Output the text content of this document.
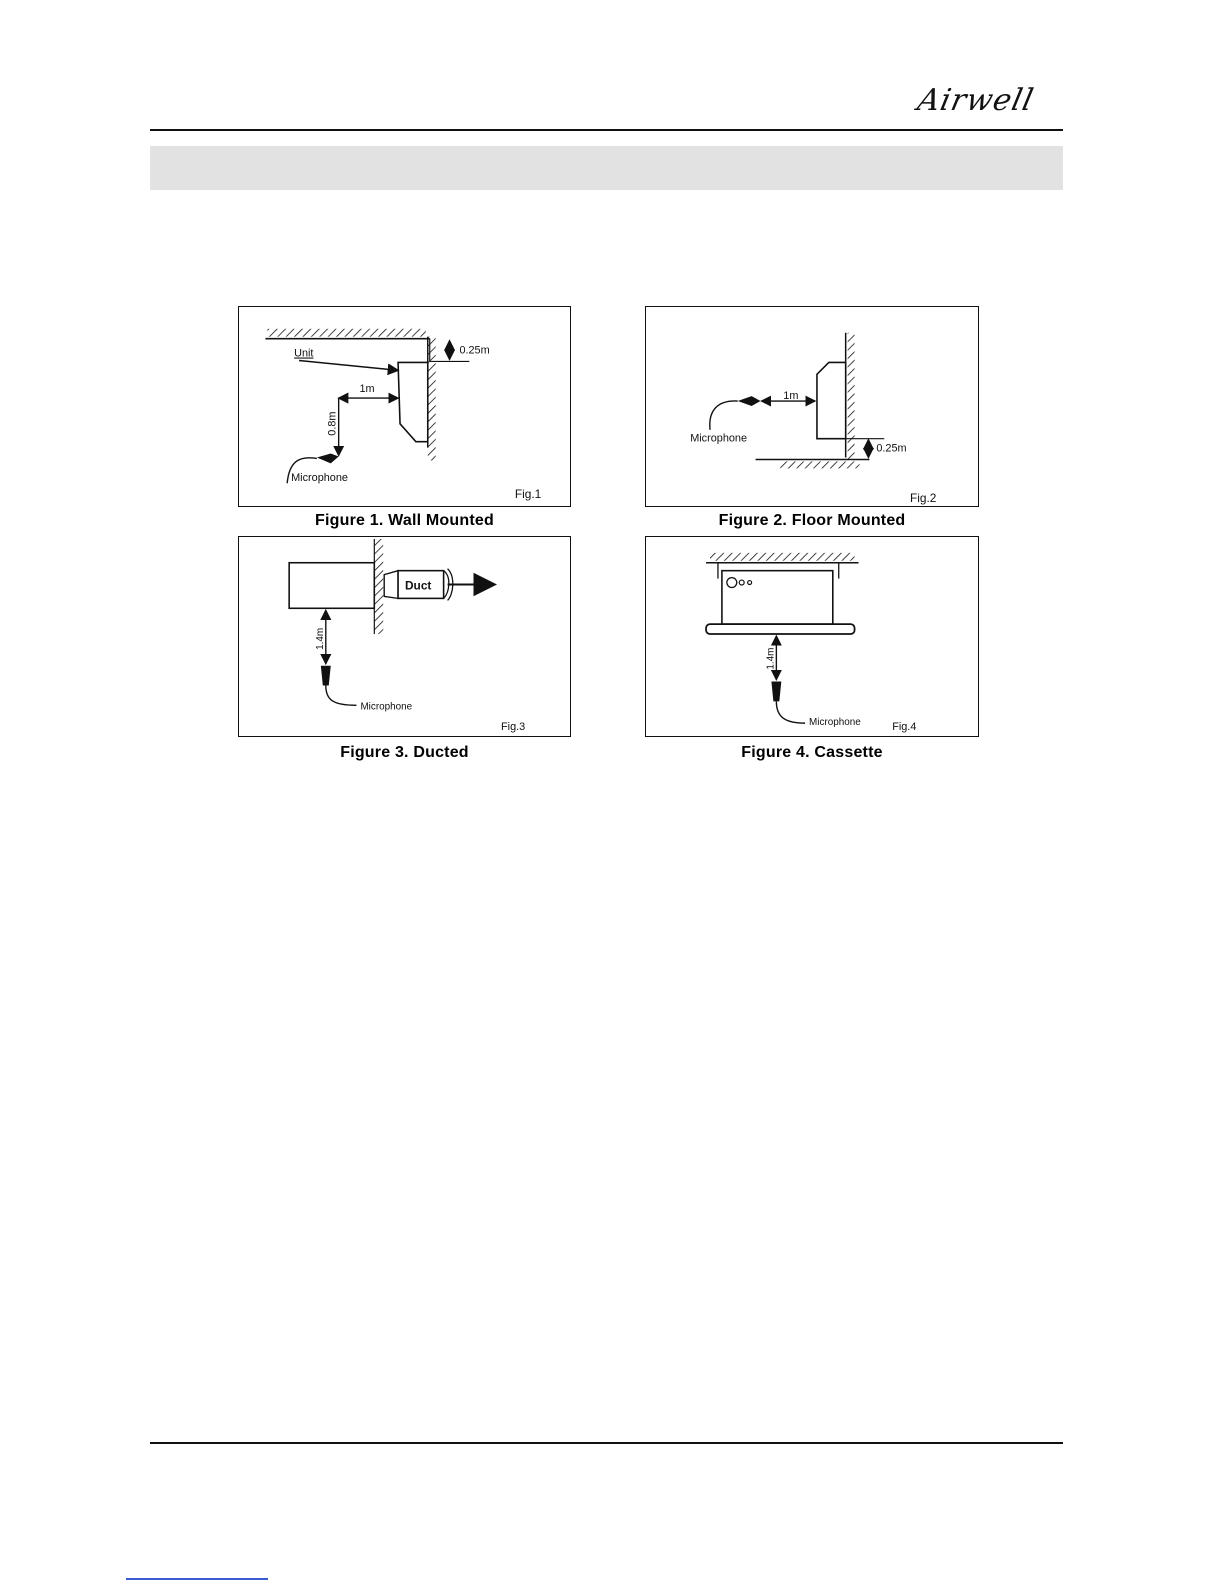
Airwell
0.25m
Unit
1m
0.8m
Microphone
Fig.1
Figure 1. Wall Mounted
1m
0.25m
Microphone
Fig.2
Figure 2. Floor Mounted
Duct
1.4m
Microphone
Fig.3
Figure 3. Ducted
1.4m
Microphone	Fig.4
Figure 4. Cassette
